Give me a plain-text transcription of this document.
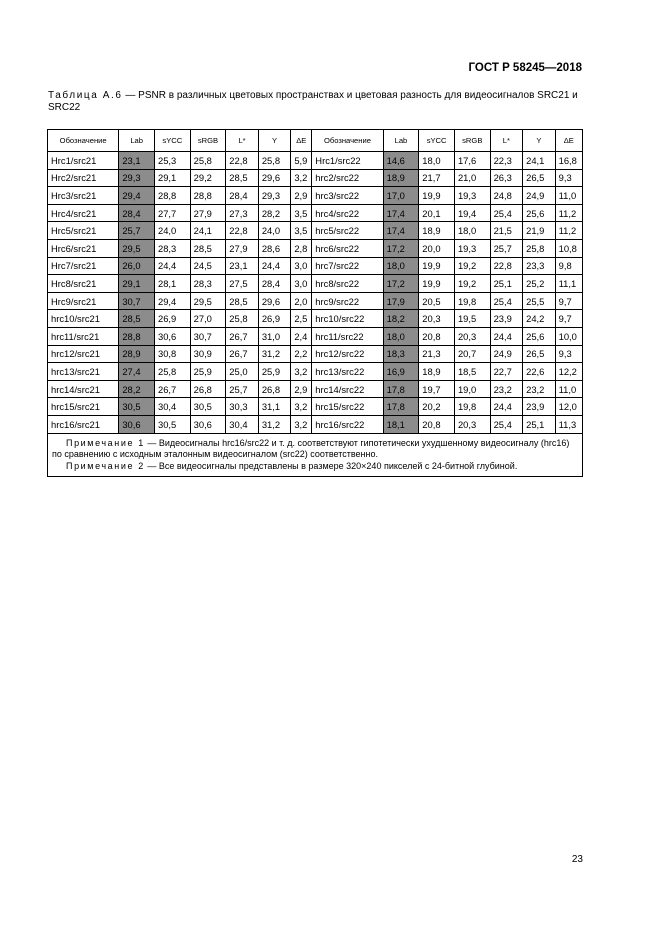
ГОСТ Р 58245—2018
Таблица А.6 — PSNR в различных цветовых пространствах и цветовая разность для видеосигналов SRC21 и SRC22
Обозначение	Lab	sYCC	sRGB	L*	Y	ΔE	Обозначение	Lab	sYCC	sRGB	L*	Y	ΔE
Hrc1/src21	23,1	25,3	25,8	22,8	25,8	5,9	Hrc1/src22	14,6	18,0	17,6	22,3	24,1	16,8
Hrc2/src21	29,3	29,1	29,2	28,5	29,6	3,2	hrc2/src22	18,9	21,7	21,0	26,3	26,5	9,3
Hrc3/src21	29,4	28,8	28,8	28,4	29,3	2,9	hrc3/src22	17,0	19,9	19,3	24,8	24,9	11,0
Hrc4/src21	28,4	27,7	27,9	27,3	28,2	3,5	hrc4/src22	17,4	20,1	19,4	25,4	25,6	11,2
Hrc5/src21	25,7	24,0	24,1	22,8	24,0	3,5	hrc5/src22	17,4	18,9	18,0	21,5	21,9	11,2
Hrc6/src21	29,5	28,3	28,5	27,9	28,6	2,8	hrc6/src22	17,2	20,0	19,3	25,7	25,8	10,8
Hrc7/src21	26,0	24,4	24,5	23,1	24,4	3,0	hrc7/src22	18,0	19,9	19,2	22,8	23,3	9,8
Hrc8/src21	29,1	28,1	28,3	27,5	28,4	3,0	hrc8/src22	17,2	19,9	19,2	25,1	25,2	11,1
Hrc9/src21	30,7	29,4	29,5	28,5	29,6	2,0	hrc9/src22	17,9	20,5	19,8	25,4	25,5	9,7
hrc10/src21	28,5	26,9	27,0	25,8	26,9	2,5	hrc10/src22	18,2	20,3	19,5	23,9	24,2	9,7
hrc11/src21	28,8	30,6	30,7	26,7	31,0	2,4	hrc11/src22	18,0	20,8	20,3	24,4	25,6	10,0
hrc12/src21	28,9	30,8	30,9	26,7	31,2	2,2	hrc12/src22	18,3	21,3	20,7	24,9	26,5	9,3
hrc13/src21	27,4	25,8	25,9	25,0	25,9	3,2	hrc13/src22	16,9	18,9	18,5	22,7	22,6	12,2
hrc14/src21	28,2	26,7	26,8	25,7	26,8	2,9	hrc14/src22	17,8	19,7	19,0	23,2	23,2	11,0
hrc15/src21	30,5	30,4	30,5	30,3	31,1	3,2	hrc15/src22	17,8	20,2	19,8	24,4	23,9	12,0
hrc16/src21	30,6	30,5	30,6	30,4	31,2	3,2	hrc16/src22	18,1	20,8	20,3	25,4	25,1	11,3

Примечание 1 — Видеосигналы hrc16/src22 и т. д. соответствуют гипотетически ухудшенному видеосигналу (hrc16) по сравнению с исходным эталонным видеосигналом (src22) соответственно.

Примечание 2 — Все видеосигналы представлены в размере 320×240 пикселей с 24-битной глубиной.													

23
